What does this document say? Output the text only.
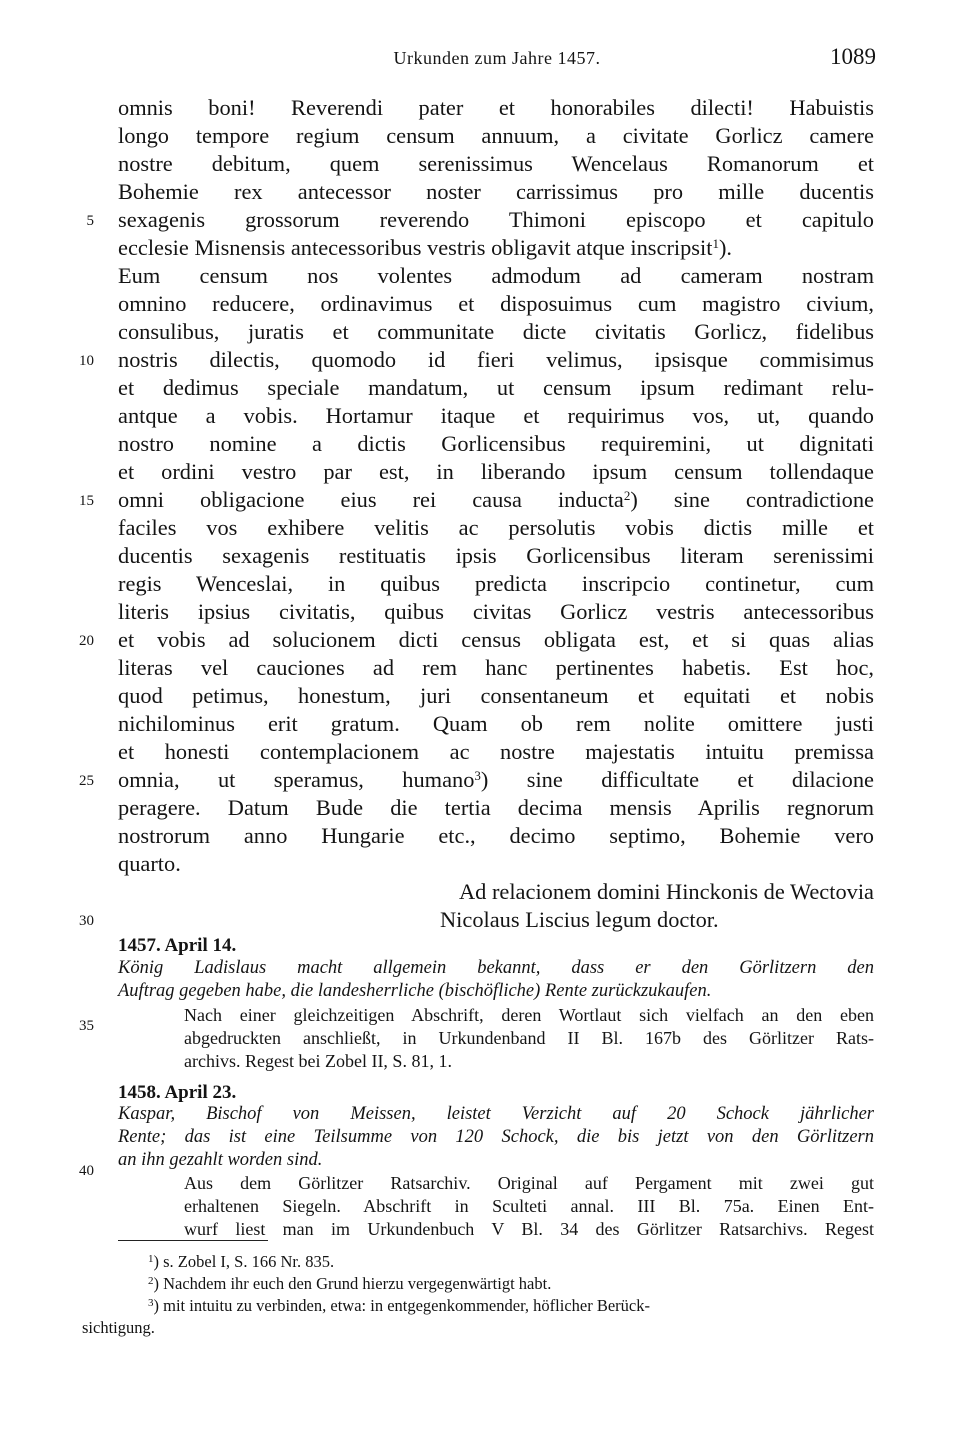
Urkunden zum Jahre 1457.	1089
omnis boni! Reverendi pater et honorabiles dilecti! Habuistis
longo tempore regium censum annuum, a civitate Gorlicz camere
nostre debitum, quem serenissimus Wencelaus Romanorum et
Bohemie rex antecessor noster carrissimus pro mille ducentis
sexagenis grossorum reverendo Thimoni episcopo et capitulo
ecclesie Misnensis antecessoribus vestris obligavit atque inscripsit$^1$).
Eum censum nos volentes admodum ad cameram nostram
omnino reducere, ordinavimus et disposuimus cum magistro civium,
consulibus, juratis et communitate dicte civitatis Gorlicz, fidelibus
nostris dilectis, quomodo id fieri velimus, ipsisque commisimus
et dedimus speciale mandatum, ut censum ipsum redimant relu-
antque a vobis. Hortamur itaque et requirimus vos, ut, quando
nostro nomine a dictis Gorlicensibus requiremini, ut dignitati
et ordini vestro par est, in liberando ipsum censum tollendaque
omni obligacione eius rei causa inducta$^2$) sine contradictione
faciles vos exhibere velitis ac persolutis vobis dictis mille et
ducentis sexagenis restituatis ipsis Gorlicensibus literam serenissimi
regis Wenceslai, in quibus predicta inscripcio continetur, cum
literis ipsius civitatis, quibus civitas Gorlicz vestris antecessoribus
et vobis ad solucionem dicti census obligata est, et si quas alias
literas vel cauciones ad rem hanc pertinentes habetis. Est hoc,
quod petimus, honestum, juri consentaneum et equitati et nobis
nichilominus erit gratum. Quam ob rem nolite omittere justi
et honesti contemplacionem ac nostre majestatis intuitu premissa
omnia, ut speramus, humano$^3$) sine difficultate et dilacione
peragere. Datum Bude die tertia decima mensis Aprilis regnorum
nostrorum anno Hungarie etc., decimo septimo, Bohemie vero
quarto.
Ad relacionem domini Hinckonis de Wectovia
Nicolaus Liscius legum doctor.
5
10
15
20
25
30
35
40
1457. April 14.
König Ladislaus macht allgemein bekannt, dass er den Görlitzern den
Auftrag gegeben habe, die landesherrliche (bischöfliche) Rente zurückzukaufen.
Nach einer gleichzeitigen Abschrift, deren Wortlaut sich vielfach an den eben
abgedruckten anschließt, in Urkundenband II Bl. 167b des Görlitzer Rats-
archivs. Regest bei Zobel II, S. 81, 1.
1458. April 23.
Kaspar, Bischof von Meissen, leistet Verzicht auf 20 Schock jährlicher
Rente; das ist eine Teilsumme von 120 Schock, die bis jetzt von den Görlitzern
an ihn gezahlt worden sind.
Aus dem Görlitzer Ratsarchiv. Original auf Pergament mit zwei gut
erhaltenen Siegeln. Abschrift in Sculteti annal. III Bl. 75a. Einen Ent-
wurf liest man im Urkundenbuch V Bl. 34 des Görlitzer Ratsarchivs. Regest
$^1$) s. Zobel I, S. 166 Nr. 835.
$^2$) Nachdem ihr euch den Grund hierzu vergegenwärtigt habt.
$^3$) mit intuitu zu verbinden, etwa: in entgegenkommender, höflicher Berück-
sichtigung.
